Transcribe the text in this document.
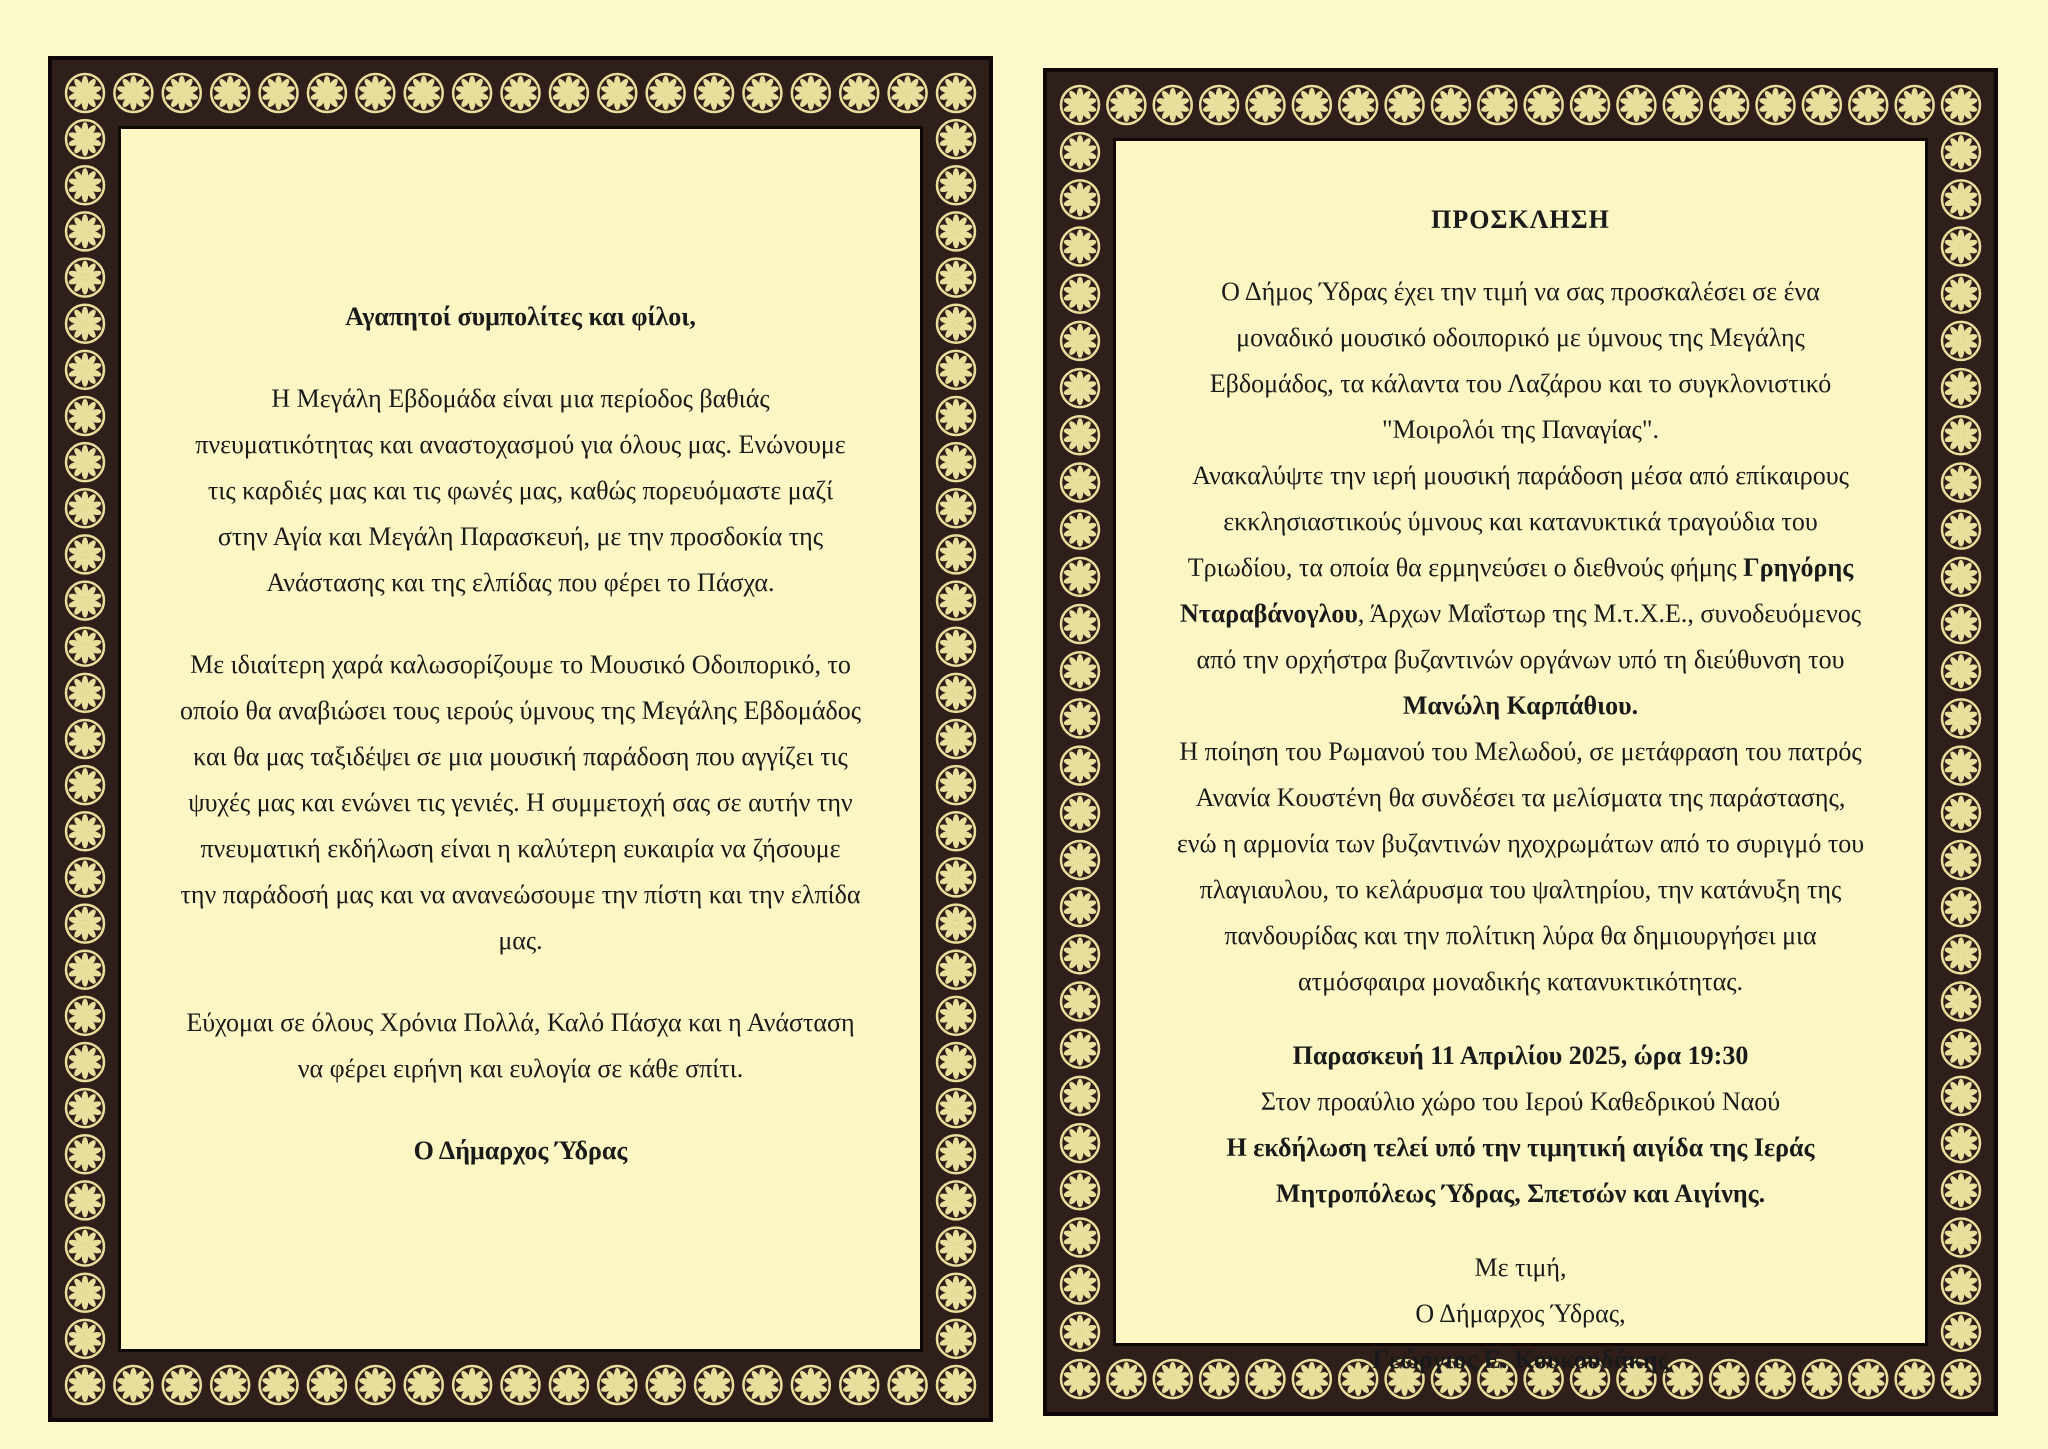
Αγαπητοί συμπολίτες και φίλοι,

Η Μεγάλη Εβδομάδα είναι μια περίοδος βαθιάς

πνευματικότητας και αναστοχασμού για όλους μας. Ενώνουμε

τις καρδιές μας και τις φωνές μας, καθώς πορευόμαστε μαζί

στην Αγία και Μεγάλη Παρασκευή, με την προσδοκία της

Ανάστασης και της ελπίδας που φέρει το Πάσχα.

Με ιδιαίτερη χαρά καλωσορίζουμε το Μουσικό Οδοιπορικό, το

οποίο θα αναβιώσει τους ιερούς ύμνους της Μεγάλης Εβδομάδος

και θα μας ταξιδέψει σε μια μουσική παράδοση που αγγίζει τις

ψυχές μας και ενώνει τις γενιές. Η συμμετοχή σας σε αυτήν την

πνευματική εκδήλωση είναι η καλύτερη ευκαιρία να ζήσουμε

την παράδοσή μας και να ανανεώσουμε την πίστη και την ελπίδα

μας.

Εύχομαι σε όλους Χρόνια Πολλά, Καλό Πάσχα και η Ανάσταση

να φέρει ειρήνη και ευλογία σε κάθε σπίτι.

Ο Δήμαρχος Ύδρας

ΠΡΟΣΚΛΗΣΗ

Ο Δήμος Ύδρας έχει την τιμή να σας προσκαλέσει σε ένα

μοναδικό μουσικό οδοιπορικό με ύμνους της Μεγάλης

Εβδομάδος, τα κάλαντα του Λαζάρου και το συγκλονιστικό

"Μοιρολόι της Παναγίας".

Ανακαλύψτε την ιερή μουσική παράδοση μέσα από επίκαιρους

εκκλησιαστικούς ύμνους και κατανυκτικά τραγούδια του

Τριωδίου, τα οποία θα ερμηνεύσει ο διεθνούς φήμης Γρηγόρης

Νταραβάνογλου, Άρχων Μαΐστωρ της Μ.τ.Χ.Ε., συνοδευόμενος

από την ορχήστρα βυζαντινών οργάνων υπό τη διεύθυνση του

Μανώλη Καρπάθιου.

Η ποίηση του Ρωμανού του Μελωδού, σε μετάφραση του πατρός

Ανανία Κουστένη θα συνδέσει τα μελίσματα της παράστασης,

ενώ η αρμονία των βυζαντινών ηχοχρωμάτων από το συριγμό του

πλαγιαυλου, το κελάρυσμα του ψαλτηρίου, την κατάνυξη της

πανδουρίδας και την πολίτικη λύρα θα δημιουργήσει μια

ατμόσφαιρα μοναδικής κατανυκτικότητας.

Παρασκευή 11 Απριλίου 2025, ώρα 19:30

Στον προαύλιο χώρο του Ιερού Καθεδρικού Ναού

Η εκδήλωση τελεί υπό την τιμητική αιγίδα της Ιεράς

Μητροπόλεως Ύδρας, Σπετσών και Αιγίνης.

Με τιμή,

Ο Δήμαρχος Ύδρας,

Γεώργιος Ε. Κουκουδάκης
